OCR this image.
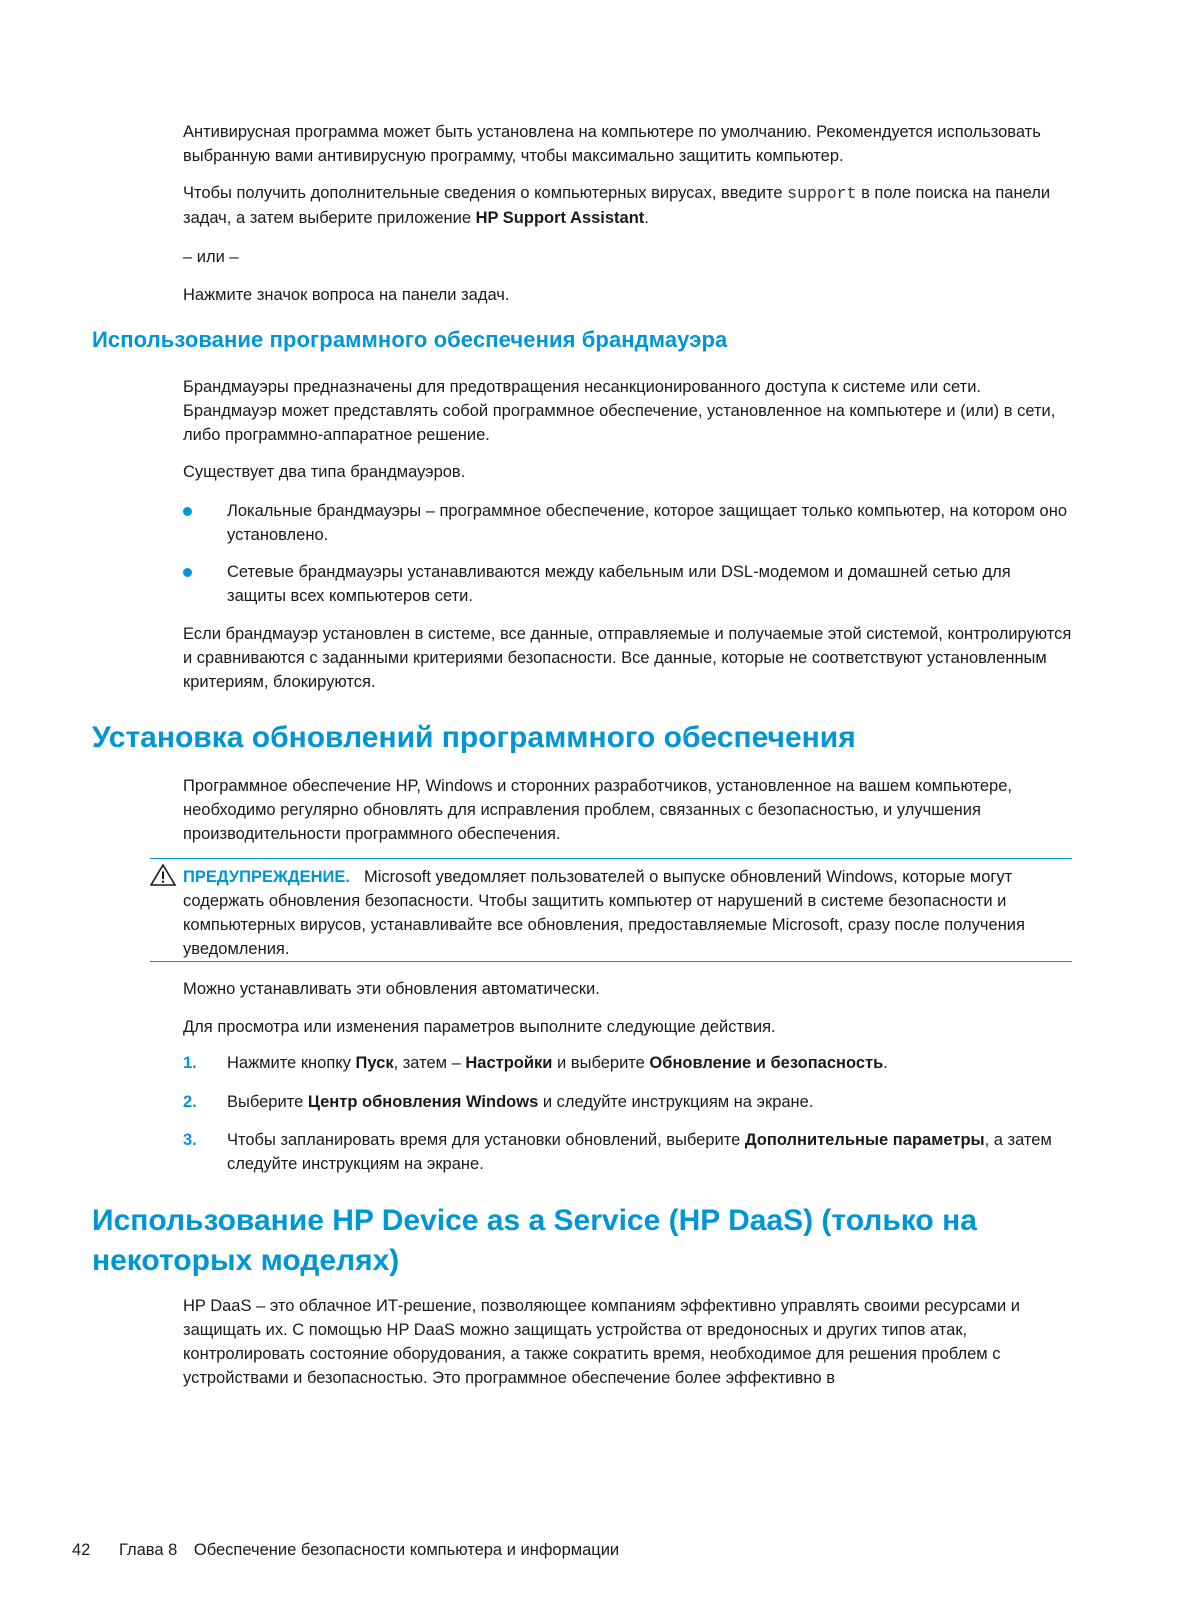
Антивирусная программа может быть установлена на компьютере по умолчанию. Рекомендуется использовать выбранную вами антивирусную программу, чтобы максимально защитить компьютер.

Чтобы получить дополнительные сведения о компьютерных вирусах, введите support в поле поиска на панели задач, а затем выберите приложение HP Support Assistant.

– или –

Нажмите значок вопроса на панели задач.

Использование программного обеспечения брандмауэра

Брандмауэры предназначены для предотвращения несанкционированного доступа к системе или сети. Брандмауэр может представлять собой программное обеспечение, установленное на компьютере и (или) в сети, либо программно-аппаратное решение.

Существует два типа брандмауэров.

Локальные брандмауэры – программное обеспечение, которое защищает только компьютер, на котором оно установлено.
Сетевые брандмауэры устанавливаются между кабельным или DSL-модемом и домашней сетью для защиты всех компьютеров сети.

Если брандмауэр установлен в системе, все данные, отправляемые и получаемые этой системой, контролируются и сравниваются с заданными критериями безопасности. Все данные, которые не соответствуют установленным критериям, блокируются.

Установка обновлений программного обеспечения

Программное обеспечение HP, Windows и сторонних разработчиков, установленное на вашем компьютере, необходимо регулярно обновлять для исправления проблем, связанных с безопасностью, и улучшения производительности программного обеспечения.

ПРЕДУПРЕЖДЕНИЕ. Microsoft уведомляет пользователей о выпуске обновлений Windows, которые могут содержать обновления безопасности. Чтобы защитить компьютер от нарушений в системе безопасности и компьютерных вирусов, устанавливайте все обновления, предоставляемые Microsoft, сразу после получения уведомления.

Можно устанавливать эти обновления автоматически.

Для просмотра или изменения параметров выполните следующие действия.

1. Нажмите кнопку Пуск, затем – Настройки и выберите Обновление и безопасность.
2. Выберите Центр обновления Windows и следуйте инструкциям на экране.
3. Чтобы запланировать время для установки обновлений, выберите Дополнительные параметры, а затем следуйте инструкциям на экране.
Использование HP Device as a Service (HP DaaS) (только на некоторых моделях)

HP DaaS – это облачное ИТ-решение, позволяющее компаниям эффективно управлять своими ресурсами и защищать их. С помощью HP DaaS можно защищать устройства от вредоносных и других типов атак, контролировать состояние оборудования, а также сократить время, необходимое для решения проблем с устройствами и безопасностью. Это программное обеспечение более эффективно в

42 Глава 8 Обеспечение безопасности компьютера и информации
